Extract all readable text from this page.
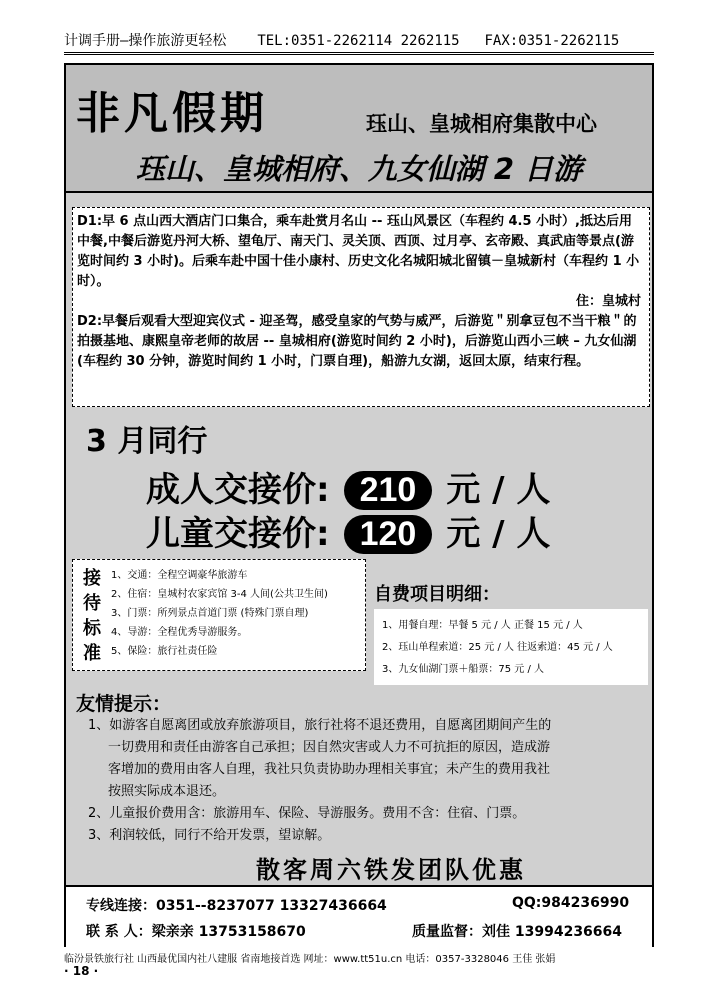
计调手册—操作旅游更轻松 TEL:0351-2262114 2262115 FAX:0351-2262115
非凡假期	珏山、皇城相府集散中心
珏山、皇城相府、九女仙湖 2 日游

D1:早 6 点山西大酒店门口集合，乘车赴赏月名山 -- 珏山风景区（车程约 4.5 小时）,抵达后用中餐,中餐后游览丹河大桥、望龟厅、南天门、灵关顶、西顶、过月亭、玄帝殿、真武庙等景点(游览时间约 3 小时)。后乘车赴中国十佳小康村、历史文化名城阳城北留镇－皇城新村（车程约 1 小时）。

住：皇城村

D2:早餐后观看大型迎宾仪式 - 迎圣驾，感受皇家的气势与威严，后游览＂别拿豆包不当干粮＂的拍摄基地、康熙皇帝老师的故居 -- 皇城相府(游览时间约 2 小时)，后游览山西小三峡 – 九女仙湖(车程约 30 分钟，游览时间约 1 小时，门票自理)，船游九女湖，返回太原，结束行程。

3 月同行
成人交接价: 210 元 / 人
儿童交接价: 120 元 / 人
接
待
标
准
1、交通：全程空调豪华旅游车
2、住宿：皇城村农家宾馆 3-4 人间(公共卫生间)
3、门票：所列景点首道门票 (特殊门票自理)
4、导游：全程优秀导游服务。
5、保险：旅行社责任险
自费项目明细：
1、用餐自理：早餐 5 元 / 人 正餐 15 元 / 人
2、珏山单程索道：25 元 / 人 往返索道：45 元 / 人
3、九女仙湖门票＋船票：75 元 / 人
友情提示：

1、如游客自愿离团或放弃旅游项目，旅行社将不退还费用，自愿离团期间产生的

一切费用和责任由游客自己承担；因自然灾害或人力不可抗拒的原因，造成游

客增加的费用由客人自理，我社只负责协助办理相关事宜；未产生的费用我社

按照实际成本退还。

2、儿童报价费用含：旅游用车、保险、导游服务。费用不含：住宿、门票。

3、利润较低，同行不给开发票，望谅解。

散客周六铁发团队优惠
专线连接：0351--8237077 13327436664	QQ:984236990
联 系 人：梁亲亲 13753158670	质量监督：刘佳 13994236664
临汾景铁旅行社 山西最优国内社八建服 省南地接首选 网址：www.tt51u.cn 电话：0357-3328046 王佳 张娟
· 18 ·
